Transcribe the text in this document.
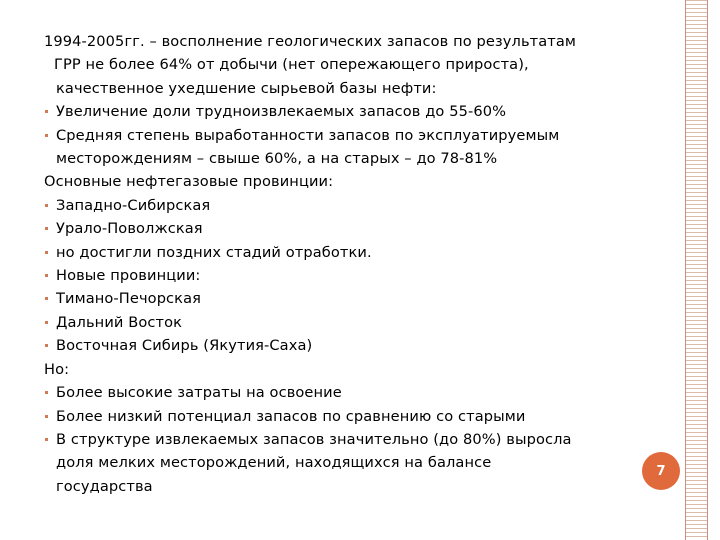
1994-2005гг. – восполнение геологических запасов по результатам
ГРР не более 64% от добычи (нет опережающего прироста),
качественное ухедшение сырьевой базы нефти:
Увеличение доли трудноизвлекаемых запасов до 55-60%
Средняя степень выработанности запасов по эксплуатируемым
месторождениям – свыше 60%, а на старых – до 78-81%
Основные нефтегазовые провинции:
Западно-Сибирская
Урало-Поволжская
но достигли поздних стадий отработки.
Новые провинции:
Тимано-Печорская
Дальний Восток
Восточная Сибирь (Якутия-Саха)
Но:
Более высокие затраты на освоение
Более низкий потенциал запасов по сравнению со старыми
В структуре извлекаемых запасов значительно (до 80%) выросла
доля мелких месторождений, находящихся на балансе
государства
7
